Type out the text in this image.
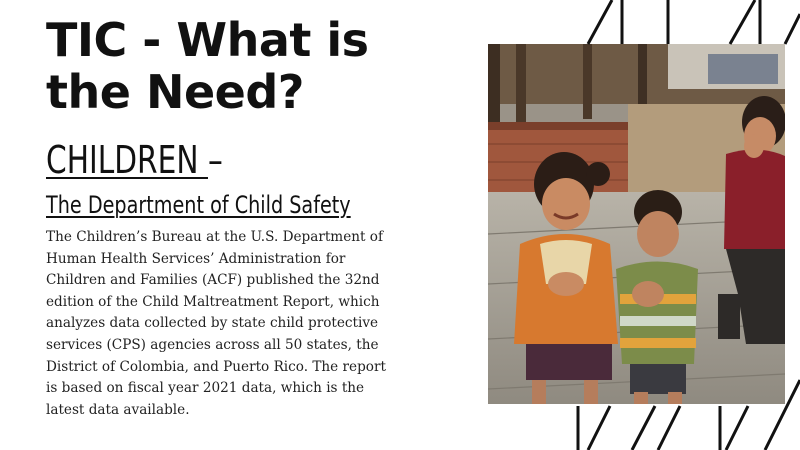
TIC - What is the Need?
CHILDREN –
The Department of Child Safety

The Children’s Bureau at the U.S. Department of Human Health Services’ Administration for Children and Families (ACF) published the 32nd edition of the Child Maltreatment Report, which analyzes data collected by state child protective services (CPS) agencies across all 50 states, the District of Colombia, and Puerto Rico. The report is based on fiscal year 2021 data, which is the latest data available.
